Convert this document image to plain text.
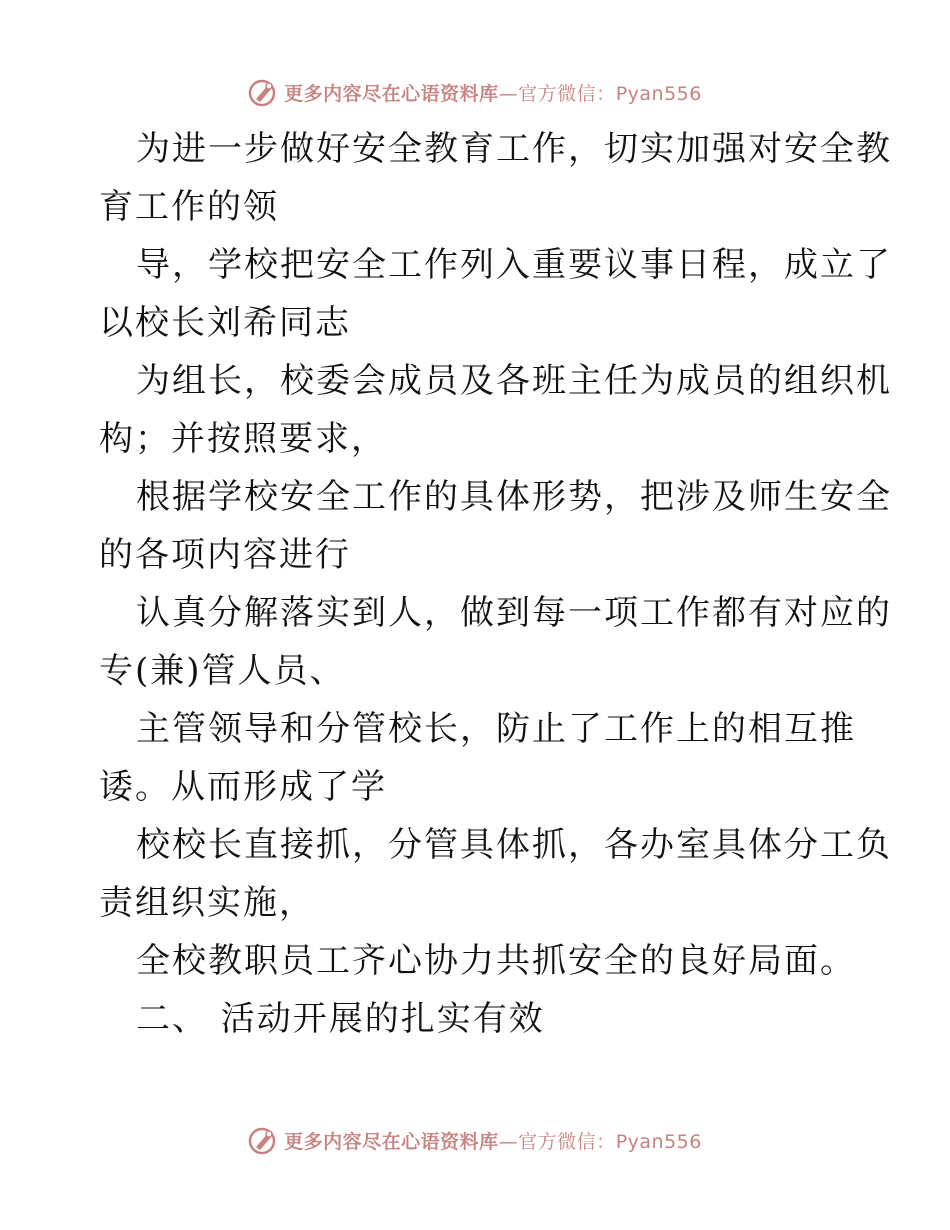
更多内容尽在心语资料库—官方微信：Pyan556
为进一步做好安全教育工作，切实加强对安全教
育工作的领
导，学校把安全工作列入重要议事日程，成立了
以校长刘希同志
为组长，校委会成员及各班主任为成员的组织机
构；并按照要求，
根据学校安全工作的具体形势，把涉及师生安全
的各项内容进行
认真分解落实到人，做到每一项工作都有对应的
专(兼)管人员、
主管领导和分管校长，防止了工作上的相互推
诿。从而形成了学
校校长直接抓，分管具体抓，各办室具体分工负
责组织实施，
全校教职员工齐心协力共抓安全的良好局面。
二、 活动开展的扎实有效
更多内容尽在心语资料库—官方微信：Pyan556
